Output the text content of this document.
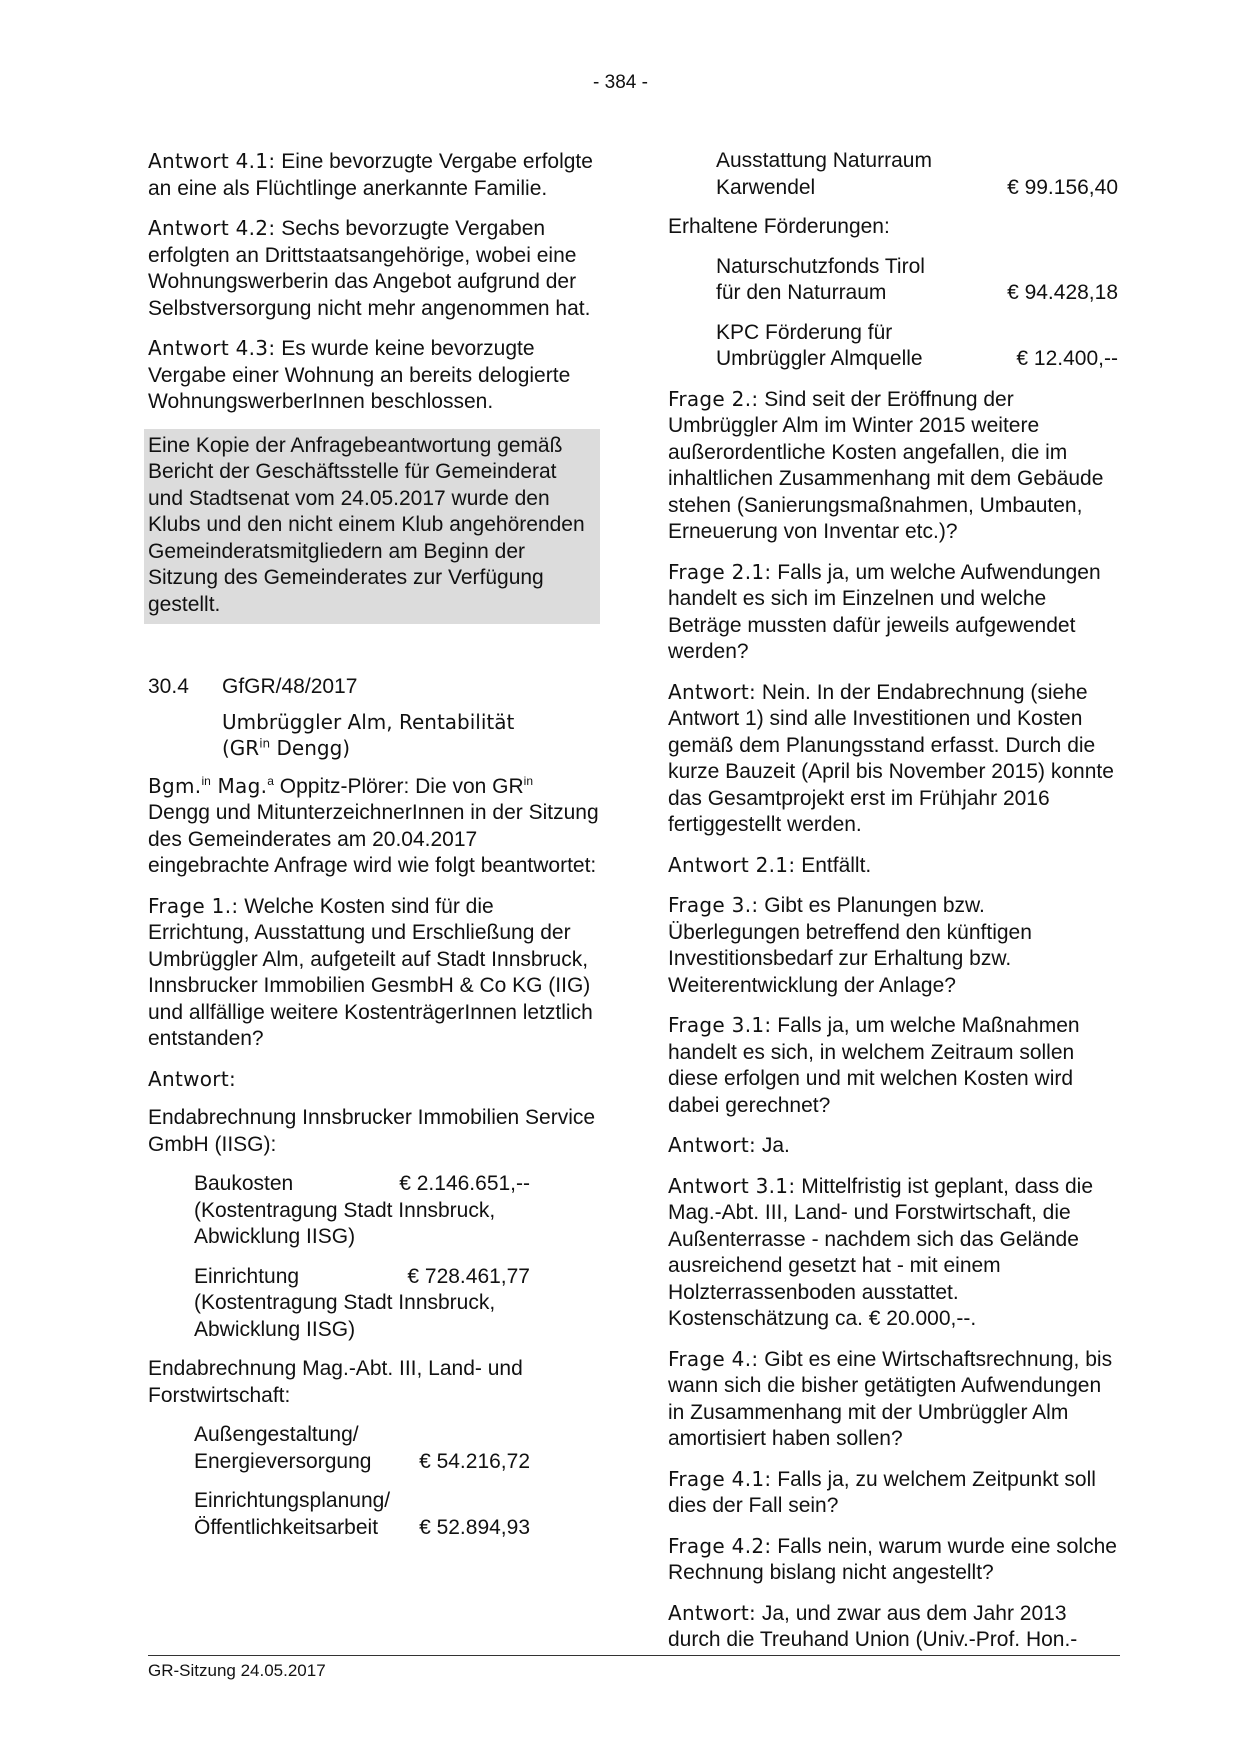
- 384 -

Antwort 4.1: Eine bevorzugte Vergabe erfolgte an eine als Flüchtlinge anerkannte Familie.

Antwort 4.2: Sechs bevorzugte Vergaben erfolgten an Drittstaatsangehörige, wobei eine Wohnungswerberin das Angebot aufgrund der Selbstversorgung nicht mehr angenommen hat.

Antwort 4.3: Es wurde keine bevorzugte Vergabe einer Wohnung an bereits delogierte WohnungswerberInnen beschlossen.

Eine Kopie der Anfragebeantwortung gemäß Bericht der Geschäftsstelle für Gemeinderat und Stadtsenat vom 24.05.2017 wurde den Klubs und den nicht einem Klub angehörenden Gemeinderatsmitgliedern am Beginn der Sitzung des Gemeinderates zur Verfügung gestellt.

30.4	GfGR/48/2017
Umbrüggler Alm, Rentabilität
($GR^{in}$ Dengg)

Bgm.$^{in}$ Mag.$^a$ Oppitz-Plörer: Die von $GR^{in}$ Dengg und MitunterzeichnerInnen in der Sitzung des Gemeinderates am 20.04.2017 eingebrachte Anfrage wird wie folgt beantwortet:

Frage 1.: Welche Kosten sind für die Errichtung, Ausstattung und Erschließung der Umbrüggler Alm, aufgeteilt auf Stadt Innsbruck, Innsbrucker Immobilien GesmbH & Co KG (IIG) und allfällige weitere KostenträgerInnen letztlich entstanden?

Antwort:

Endabrechnung Innsbrucker Immobilien Service GmbH (IISG):

Baukosten	€ 2.146.651,--
(Kostentragung Stadt Innsbruck, Abwicklung IISG)
Einrichtung	€ 728.461,77
(Kostentragung Stadt Innsbruck, Abwicklung IISG)

Endabrechnung Mag.-Abt. III, Land- und Forstwirtschaft:

Außengestaltung/
Energieversorgung € 54.216,72
Einrichtungsplanung/
Öffentlichkeitsarbeit € 52.894,93
Ausstattung Naturraum
Karwendel	€ 99.156,40

Erhaltene Förderungen:

Naturschutzfonds Tirol
für den Naturraum	€ 94.428,18
KPC Förderung für
Umbrüggler Almquelle	€ 12.400,--

Frage 2.: Sind seit der Eröffnung der Umbrüggler Alm im Winter 2015 weitere außerordentliche Kosten angefallen, die im inhaltlichen Zusammenhang mit dem Gebäude stehen (Sanierungsmaßnahmen, Umbauten, Erneuerung von Inventar etc.)?

Frage 2.1: Falls ja, um welche Aufwendungen handelt es sich im Einzelnen und welche Beträge mussten dafür jeweils aufgewendet werden?

Antwort: Nein. In der Endabrechnung (siehe Antwort 1) sind alle Investitionen und Kosten gemäß dem Planungsstand erfasst. Durch die kurze Bauzeit (April bis November 2015) konnte das Gesamtprojekt erst im Frühjahr 2016 fertiggestellt werden.

Antwort 2.1: Entfällt.

Frage 3.: Gibt es Planungen bzw. Überlegungen betreffend den künftigen Investitionsbedarf zur Erhaltung bzw. Weiterentwicklung der Anlage?

Frage 3.1: Falls ja, um welche Maßnahmen handelt es sich, in welchem Zeitraum sollen diese erfolgen und mit welchen Kosten wird dabei gerechnet?

Antwort: Ja.

Antwort 3.1: Mittelfristig ist geplant, dass die Mag.-Abt. III, Land- und Forstwirtschaft, die Außenterrasse - nachdem sich das Gelände ausreichend gesetzt hat - mit einem Holzterrassenboden ausstattet. Kostenschätzung ca. € 20.000,--.

Frage 4.: Gibt es eine Wirtschaftsrechnung, bis wann sich die bisher getätigten Aufwendungen in Zusammenhang mit der Umbrüggler Alm amortisiert haben sollen?

Frage 4.1: Falls ja, zu welchem Zeitpunkt soll dies der Fall sein?

Frage 4.2: Falls nein, warum wurde eine solche Rechnung bislang nicht angestellt?

Antwort: Ja, und zwar aus dem Jahr 2013 durch die Treuhand Union (Univ.-Prof. Hon.-

GR-Sitzung 24.05.2017
